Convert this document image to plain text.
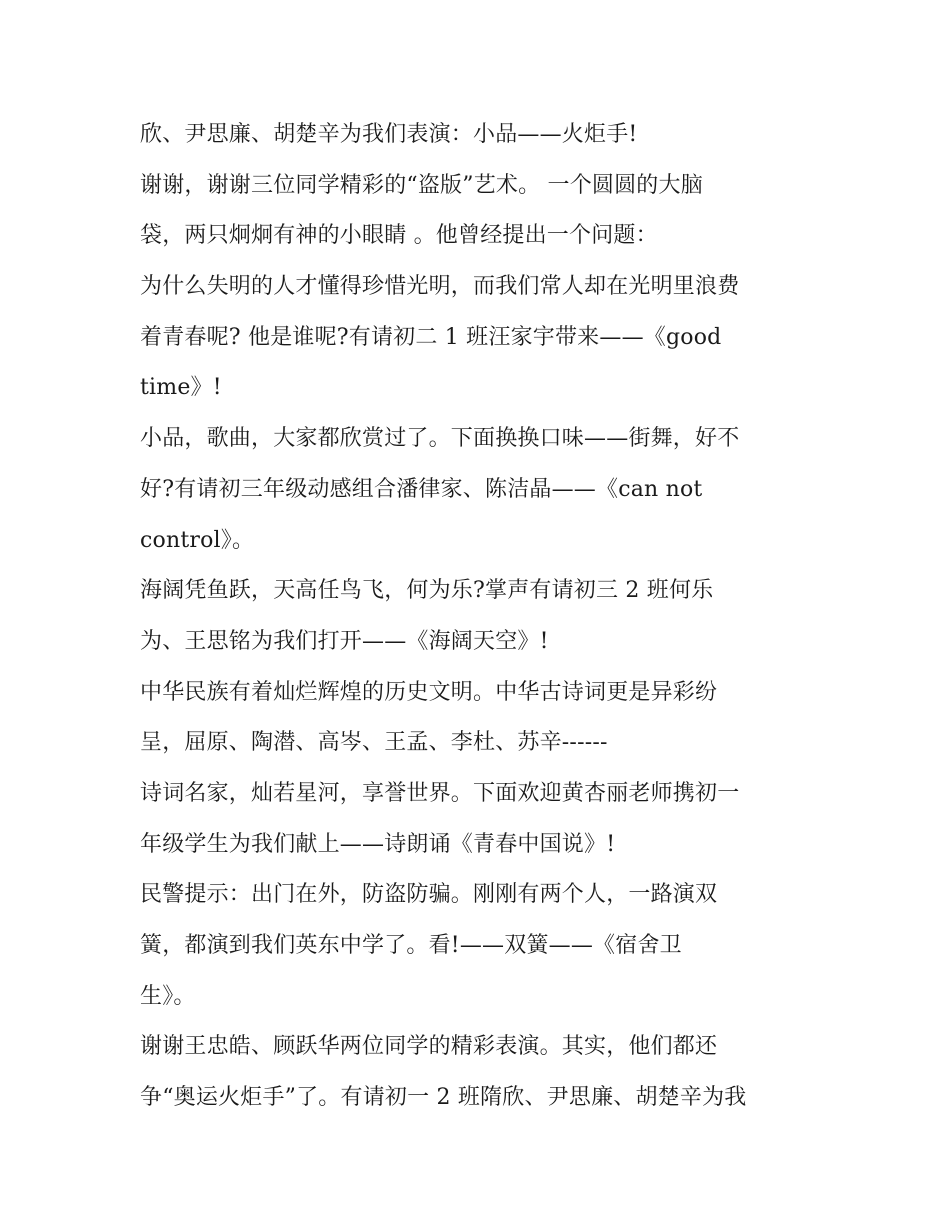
欣、尹思廉、胡楚辛为我们表演：小品——火炬手!
谢谢，谢谢三位同学精彩的“盗版”艺术。 一个圆圆的大脑
袋，两只炯炯有神的小眼睛 。他曾经提出一个问题：
为什么失明的人才懂得珍惜光明，而我们常人却在光明里浪费
着青春呢? 他是谁呢?有请初二 1 班汪家宇带来——《good
time》!
小品，歌曲，大家都欣赏过了。下面换换口味——街舞，好不
好?有请初三年级动感组合潘律家、陈洁晶——《can not
control》。
海阔凭鱼跃，天高任鸟飞，何为乐?掌声有请初三 2 班何乐
为、王思铭为我们打开——《海阔天空》!
中华民族有着灿烂辉煌的历史文明。中华古诗词更是异彩纷
呈，屈原、陶潜、高岑、王孟、李杜、苏辛------
诗词名家，灿若星河，享誉世界。下面欢迎黄杏丽老师携初一
年级学生为我们献上——诗朗诵《青春中国说》!
民警提示：出门在外，防盗防骗。刚刚有两个人，一路演双
簧，都演到我们英东中学了。看!——双簧——《宿舍卫
生》。
谢谢王忠皓、顾跃华两位同学的精彩表演。其实，他们都还
争“奥运火炬手”了。有请初一 2 班隋欣、尹思廉、胡楚辛为我
